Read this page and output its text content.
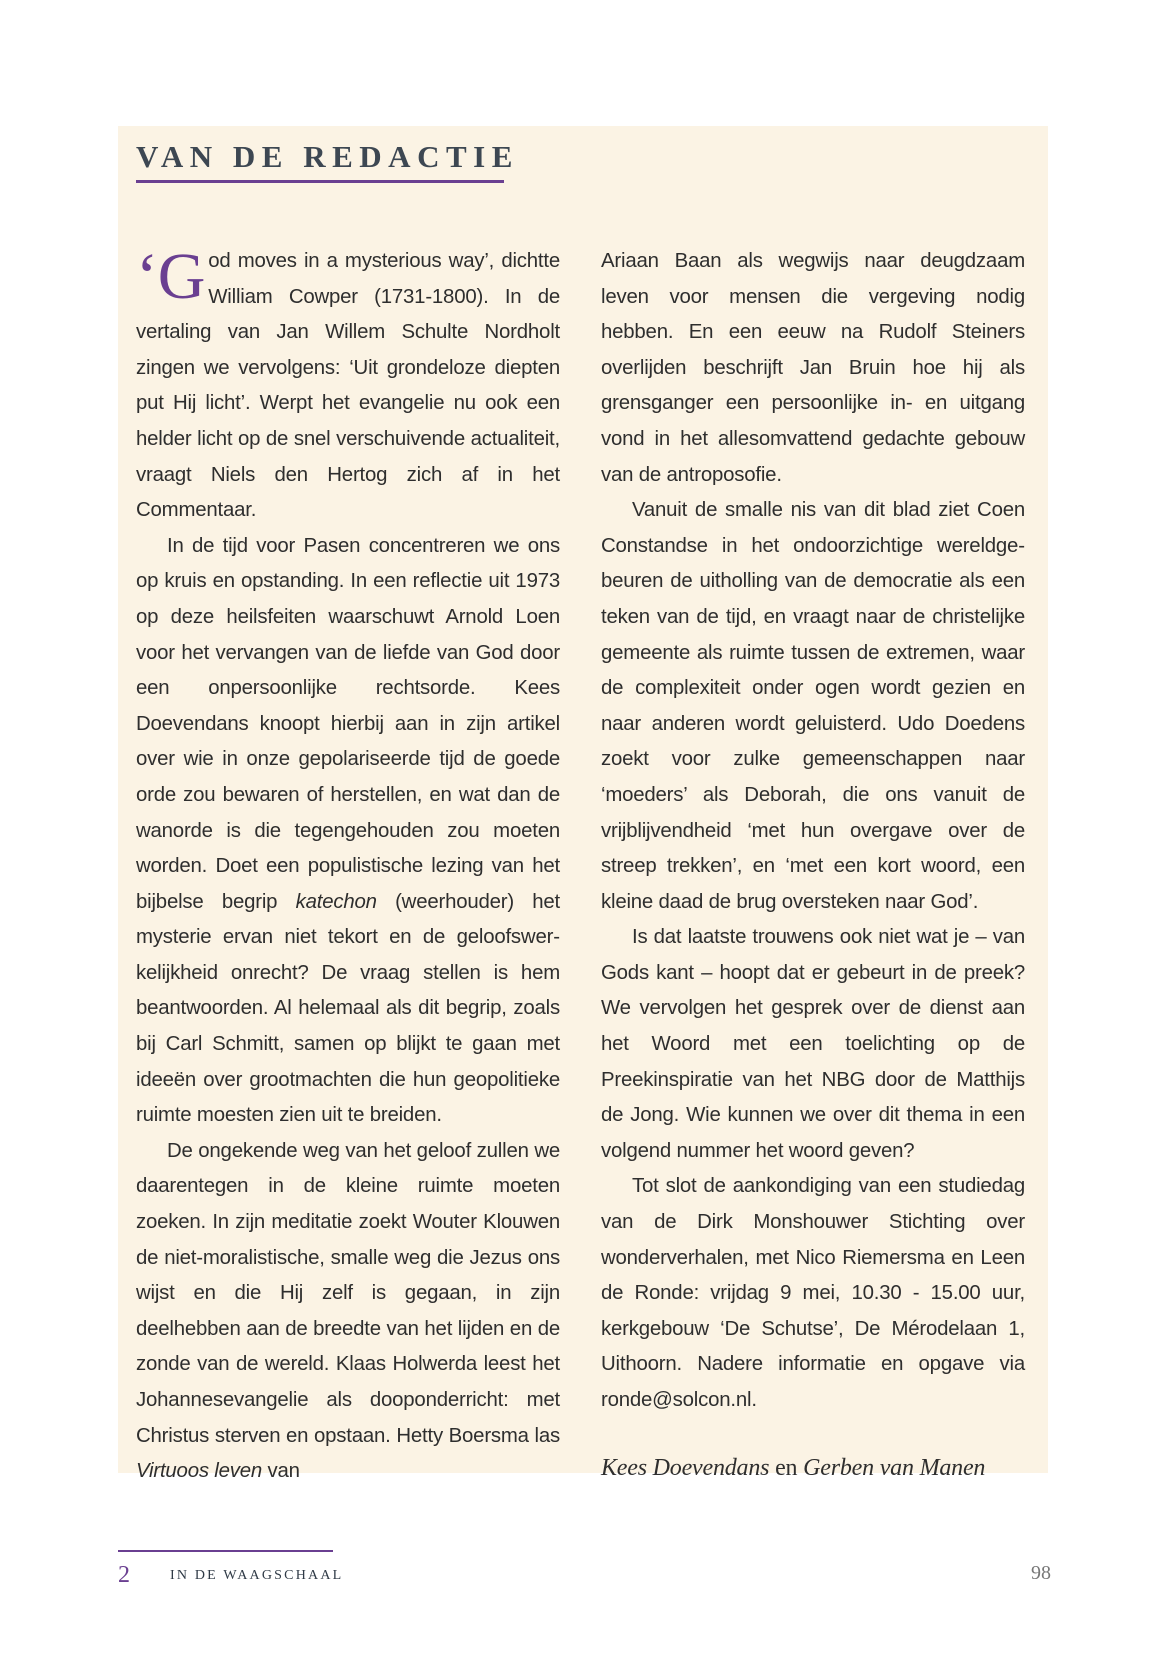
VAN DE REDACTIE

‘G od moves in a mysterious way’, dichtte William Cowper (1731-1800). In de vertaling van Jan Willem Schulte Nordholt zingen we vervolgens: ‘Uit grondeloze diepten put Hij licht’. Werpt het evangelie nu ook een helder licht op de snel verschuivende actualiteit, vraagt Niels den Hertog zich af in het Commentaar.

In de tijd voor Pasen concentreren we ons op kruis en opstanding. In een reflectie uit 1973 op deze heilsfeiten waarschuwt Arnold Loen voor het vervangen van de liefde van God door een onpersoonlijke rechtsorde. Kees Doevendans knoopt hierbij aan in zijn artikel over wie in onze gepolariseerde tijd de goede orde zou bewaren of herstellen, en wat dan de wanorde is die tegengehouden zou moeten worden. Doet een populistische lezing van het bijbelse begrip katechon (weerhouder) het mysterie ervan niet tekort en de geloofswerkelijkheid onrecht? De vraag stellen is hem beantwoorden. Al helemaal als dit begrip, zoals bij Carl Schmitt, samen op blijkt te gaan met ideeën over grootmachten die hun geopolitieke ruimte moesten zien uit te breiden.

De ongekende weg van het geloof zullen we daarentegen in de kleine ruimte moeten zoeken. In zijn meditatie zoekt Wouter Klouwen de niet-moralistische, smalle weg die Jezus ons wijst en die Hij zelf is gegaan, in zijn deelhebben aan de breedte van het lijden en de zonde van de wereld. Klaas Holwerda leest het Johannesevangelie als dooponderricht: met Christus sterven en opstaan. Hetty Boersma las Virtuoos leven van

Ariaan Baan als wegwijs naar deugdzaam leven voor mensen die vergeving nodig hebben. En een eeuw na Rudolf Steiners overlijden beschrijft Jan Bruin hoe hij als grensganger een persoonlijke in- en uitgang vond in het allesomvattend gedachte gebouw van de antroposofie.

Vanuit de smalle nis van dit blad ziet Coen Constandse in het ondoorzichtige wereldgebeuren de uitholling van de democratie als een teken van de tijd, en vraagt naar de christelijke gemeente als ruimte tussen de extremen, waar de complexiteit onder ogen wordt gezien en naar anderen wordt geluisterd. Udo Doedens zoekt voor zulke gemeenschappen naar ‘moeders’ als Deborah, die ons vanuit de vrijblijvendheid ‘met hun overgave over de streep trekken’, en ‘met een kort woord, een kleine daad de brug oversteken naar God’.

Is dat laatste trouwens ook niet wat je – van Gods kant – hoopt dat er gebeurt in de preek? We vervolgen het gesprek over de dienst aan het Woord met een toelichting op de Preekinspiratie van het NBG door de Matthijs de Jong. Wie kunnen we over dit thema in een volgend nummer het woord geven?

Tot slot de aankondiging van een studiedag van de Dirk Monshouwer Stichting over wonderverhalen, met Nico Riemersma en Leen de Ronde: vrijdag 9 mei, 10.30 - 15.00 uur, kerkgebouw ‘De Schutse’, De Mérodelaan 1, Uithoorn. Nadere informatie en opgave via ronde@solcon.nl.

Kees Doevendans en Gerben van Manen
2	IN DE WAAGSCHAAL	98
